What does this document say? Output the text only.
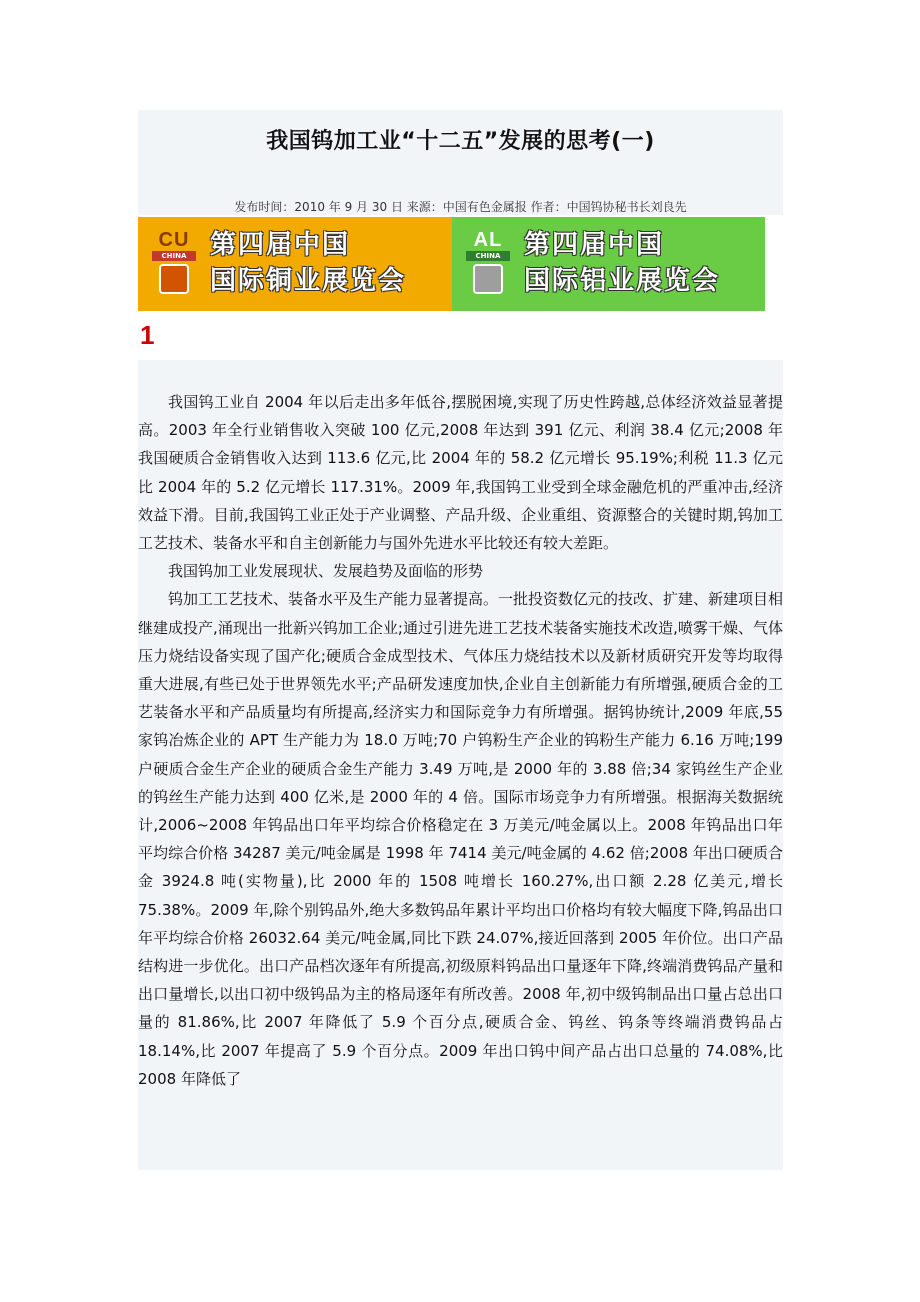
我国钨加工业“十二五”发展的思考(一)
发布时间：2010 年 9 月 30 日 来源：中国有色金属报 作者：中国钨协秘书长刘良先
CU
CHINA 第四届中国
国际铜业展览会
AL
CHINA 第四届中国
国际铝业展览会
1

我国钨工业自 2004 年以后走出多年低谷,摆脱困境,实现了历史性跨越,总体经济效益显著提高。2003 年全行业销售收入突破 100 亿元,2008 年达到 391 亿元、利润 38.4 亿元;2008 年我国硬质合金销售收入达到 113.6 亿元,比 2004 年的 58.2 亿元增长 95.19%;利税 11.3 亿元比 2004 年的 5.2 亿元增长 117.31%。2009 年,我国钨工业受到全球金融危机的严重冲击,经济效益下滑。目前,我国钨工业正处于产业调整、产品升级、企业重组、资源整合的关键时期,钨加工工艺技术、装备水平和自主创新能力与国外先进水平比较还有较大差距。

我国钨加工业发展现状、发展趋势及面临的形势

钨加工工艺技术、装备水平及生产能力显著提高。一批投资数亿元的技改、扩建、新建项目相继建成投产,涌现出一批新兴钨加工企业;通过引进先进工艺技术装备实施技术改造,喷雾干燥、气体压力烧结设备实现了国产化;硬质合金成型技术、气体压力烧结技术以及新材质研究开发等均取得重大进展,有些已处于世界领先水平;产品研发速度加快,企业自主创新能力有所增强,硬质合金的工艺装备水平和产品质量均有所提高,经济实力和国际竞争力有所增强。据钨协统计,2009 年底,55 家钨冶炼企业的 APT 生产能力为 18.0 万吨;70 户钨粉生产企业的钨粉生产能力 6.16 万吨;199 户硬质合金生产企业的硬质合金生产能力 3.49 万吨,是 2000 年的 3.88 倍;34 家钨丝生产企业的钨丝生产能力达到 400 亿米,是 2000 年的 4 倍。国际市场竞争力有所增强。根据海关数据统计,2006~2008 年钨品出口年平均综合价格稳定在 3 万美元/吨金属以上。2008 年钨品出口年平均综合价格 34287 美元/吨金属是 1998 年 7414 美元/吨金属的 4.62 倍;2008 年出口硬质合金 3924.8 吨(实物量),比 2000 年的 1508 吨增长 160.27%,出口额 2.28 亿美元,增长 75.38%。2009 年,除个别钨品外,绝大多数钨品年累计平均出口价格均有较大幅度下降,钨品出口年平均综合价格 26032.64 美元/吨金属,同比下跌 24.07%,接近回落到 2005 年价位。出口产品结构进一步优化。出口产品档次逐年有所提高,初级原料钨品出口量逐年下降,终端消费钨品产量和出口量增长,以出口初中级钨品为主的格局逐年有所改善。2008 年,初中级钨制品出口量占总出口量的 81.86%,比 2007 年降低了 5.9 个百分点,硬质合金、钨丝、钨条等终端消费钨品占 18.14%,比 2007 年提高了 5.9 个百分点。2009 年出口钨中间产品占出口总量的 74.08%,比 2008 年降低了
